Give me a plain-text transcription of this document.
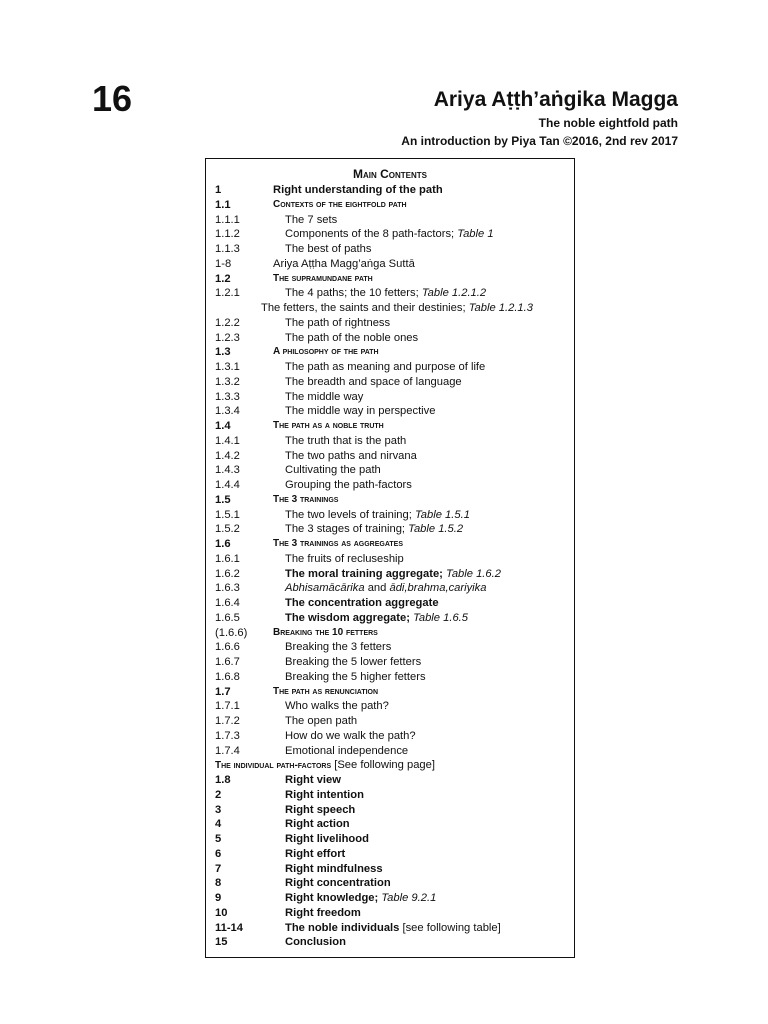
16	Ariya Aṭṭh’aṅgika Magga
The noble eightfold path
An introduction by Piya Tan ©2016, 2nd rev 2017
Main Contents
1	Right understanding of the path
1.1	Contexts of the eightfold path
1.1.1	The 7 sets
1.1.2	Components of the 8 path-factors; Table 1
1.1.3	The best of paths
1-8	Ariya Aṭṭha Magg’aṅga Suttā
1.2	The supramundane path
1.2.1	The 4 paths; the 10 fetters; Table 1.2.1.2
The fetters, the saints and their destinies; Table 1.2.1.3
1.2.2	The path of rightness
1.2.3	The path of the noble ones
1.3	A philosophy of the path
1.3.1	The path as meaning and purpose of life
1.3.2	The breadth and space of language
1.3.3	The middle way
1.3.4	The middle way in perspective
1.4	The path as a noble truth
1.4.1	The truth that is the path
1.4.2	The two paths and nirvana
1.4.3	Cultivating the path
1.4.4	Grouping the path-factors
1.5	The 3 trainings
1.5.1	The two levels of training; Table 1.5.1
1.5.2	The 3 stages of training; Table 1.5.2
1.6	The 3 trainings as aggregates
1.6.1	The fruits of recluseship
1.6.2	The moral training aggregate; Table 1.6.2
1.6.3	Abhisamācārika and ādi,brahma,cariyika
1.6.4	The concentration aggregate
1.6.5	The wisdom aggregate; Table 1.6.5
(1.6.6)	Breaking the 10 fetters
1.6.6	Breaking the 3 fetters
1.6.7	Breaking the 5 lower fetters
1.6.8	Breaking the 5 higher fetters
1.7	The path as renunciation
1.7.1	Who walks the path?
1.7.2	The open path
1.7.3	How do we walk the path?
1.7.4	Emotional independence
The individual path-factors [See following page]
1.8	Right view
2	Right intention
3	Right speech
4	Right action
5	Right livelihood
6	Right effort
7	Right mindfulness
8	Right concentration
9	Right knowledge; Table 9.2.1
10	Right freedom
11-14	The noble individuals [see following table]
15	Conclusion
